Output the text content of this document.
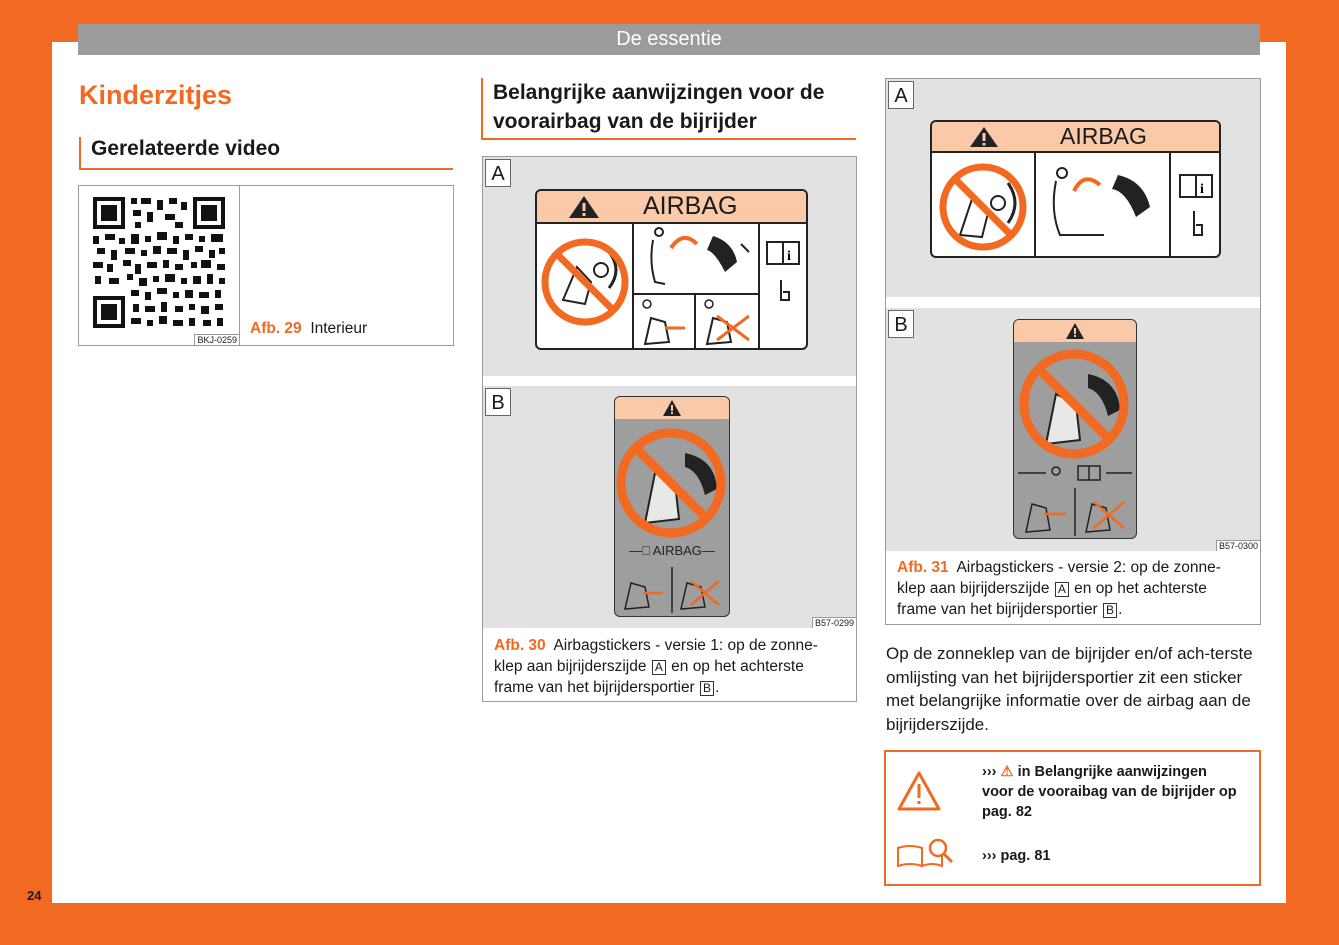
De essentie
24
Kinderzitjes
Gerelateerde video
BKJ-0259
Afb. 29 Interieur
Belangrijke aanwijzingen voor de voorairbag van de bijrijder
A
AIRBAG
i
B
—⎕ AIRBAG—
B57-0299
Afb. 30 Airbagstickers - versie 1: op de zonne-klep aan bijrijderszijde A en op het achterste frame van het bijrijdersportier B .
A
AIRBAG
i
B
B57-0300
Afb. 31 Airbagstickers - versie 2: op de zonne-klep aan bijrijderszijde A en op het achterste frame van het bijrijdersportier B .
Op de zonneklep van de bijrijder en/of ach-terste omlijsting van het bijrijdersportier zit een sticker met belangrijke informatie over de airbag aan de bijrijderszijde.
››› ⚠ in Belangrijke aanwijzingen voor de vooraibag van de bijrijder op pag. 82
››› pag. 81
